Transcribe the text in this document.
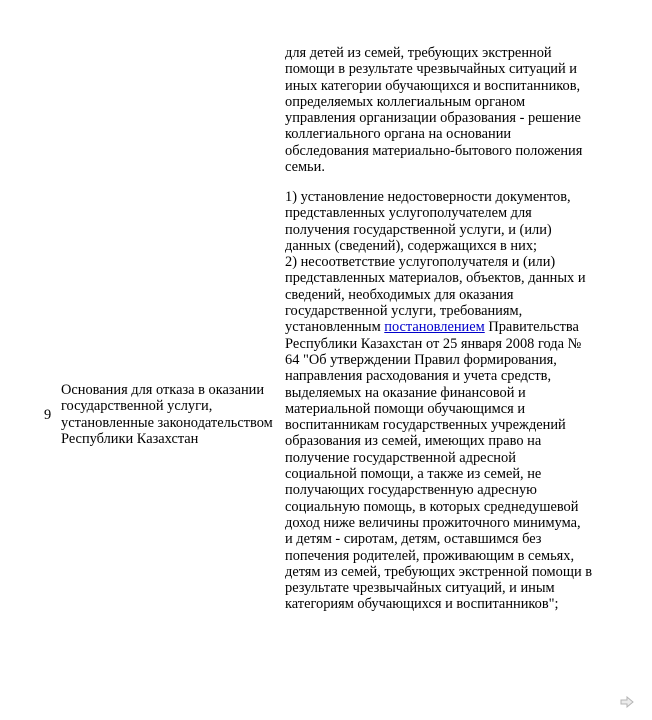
для детей из семей, требующих экстренной
помощи в результате чрезвычайных ситуаций и
иных категории обучающихся и воспитанников,
определяемых коллегиальным органом
управления организации образования - решение
коллегиального органа на основании
обследования материально-бытового положения
семьи.
9
Основания для отказа в оказании
государственной услуги,
установленные законодательством
Республики Казахстан
1) установление недостоверности документов,
представленных услугополучателем для
получения государственной услуги, и (или)
данных (сведений), содержащихся в них;
2) несоответствие услугополучателя и (или)
представленных материалов, объектов, данных и
сведений, необходимых для оказания
государственной услуги, требованиям,
установленным постановлением Правительства
Республики Казахстан от 25 января 2008 года №
64 "Об утверждении Правил формирования,
направления расходования и учета средств,
выделяемых на оказание финансовой и
материальной помощи обучающимся и
воспитанникам государственных учреждений
образования из семей, имеющих право на
получение государственной адресной
социальной помощи, а также из семей, не
получающих государственную адресную
социальную помощь, в которых среднедушевой
доход ниже величины прожиточного минимума,
и детям - сиротам, детям, оставшимся без
попечения родителей, проживающим в семьях,
детям из семей, требующих экстренной помощи в
результате чрезвычайных ситуаций, и иным
категориям обучающихся и воспитанников";
